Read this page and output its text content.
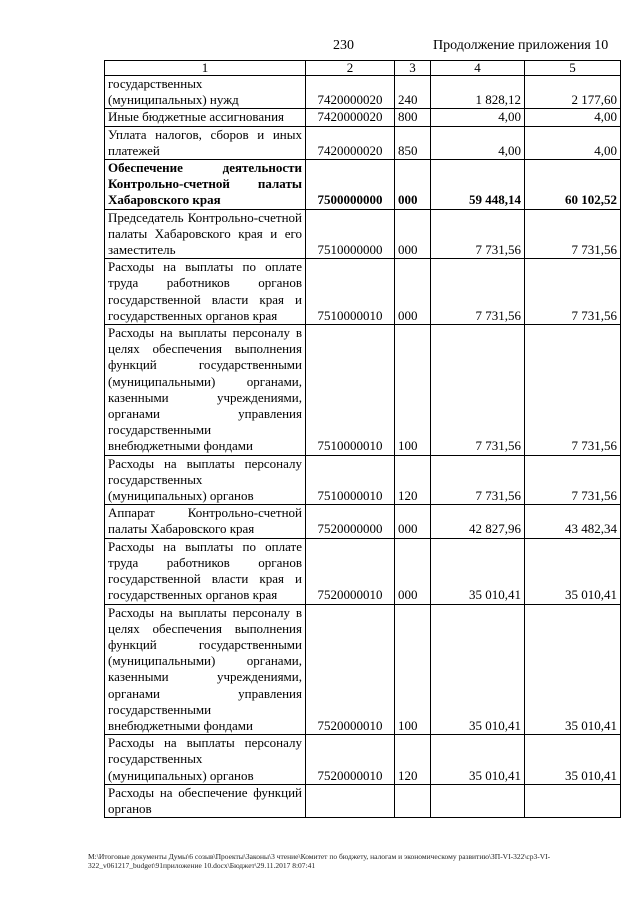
230	Продолжение приложения 10
1	2	3	4	5
государственных (муниципальных) нужд	7420000020	240	1 828,12	2 177,60
Иные бюджетные ассигнования	7420000020	800	4,00	4,00
Уплата налогов, сборов и иных платежей	7420000020	850	4,00	4,00
Обеспечение деятельности Контрольно-счетной палаты Хабаровского края	7500000000	000	59 448,14	60 102,52
Председатель Контрольно-счетной палаты Хабаровского края и его заместитель	7510000000	000	7 731,56	7 731,56
Расходы на выплаты по оплате труда работников органов государственной власти края и государственных органов края	7510000010	000	7 731,56	7 731,56
Расходы на выплаты персоналу в целях обеспечения выполнения функций государственными (муниципальными) органами, казенными учреждениями, органами управления государственными внебюджетными фондами	7510000010	100	7 731,56	7 731,56
Расходы на выплаты персоналу государственных (муниципальных) органов	7510000010	120	7 731,56	7 731,56
Аппарат Контрольно-счетной палаты Хабаровского края	7520000000	000	42 827,96	43 482,34
Расходы на выплаты по оплате труда работников органов государственной власти края и государственных органов края	7520000010	000	35 010,41	35 010,41
Расходы на выплаты персоналу в целях обеспечения выполнения функций государственными (муниципальными) органами, казенными учреждениями, органами управления государственными внебюджетными фондами	7520000010	100	35 010,41	35 010,41
Расходы на выплаты персоналу государственных (муниципальных) органов	7520000010	120	35 010,41	35 010,41
Расходы на обеспечение функций органов				
M:\Итоговые документы Думы\6 созыв\Проекты\Законы\3 чтение\Комитет по бюджету, налогам и экономическому развитию\ЗП-VI-322\cp3-VI-322_v061217_budget\91приложение 10.docx\Бюджет\29.11.2017 8:07:41
